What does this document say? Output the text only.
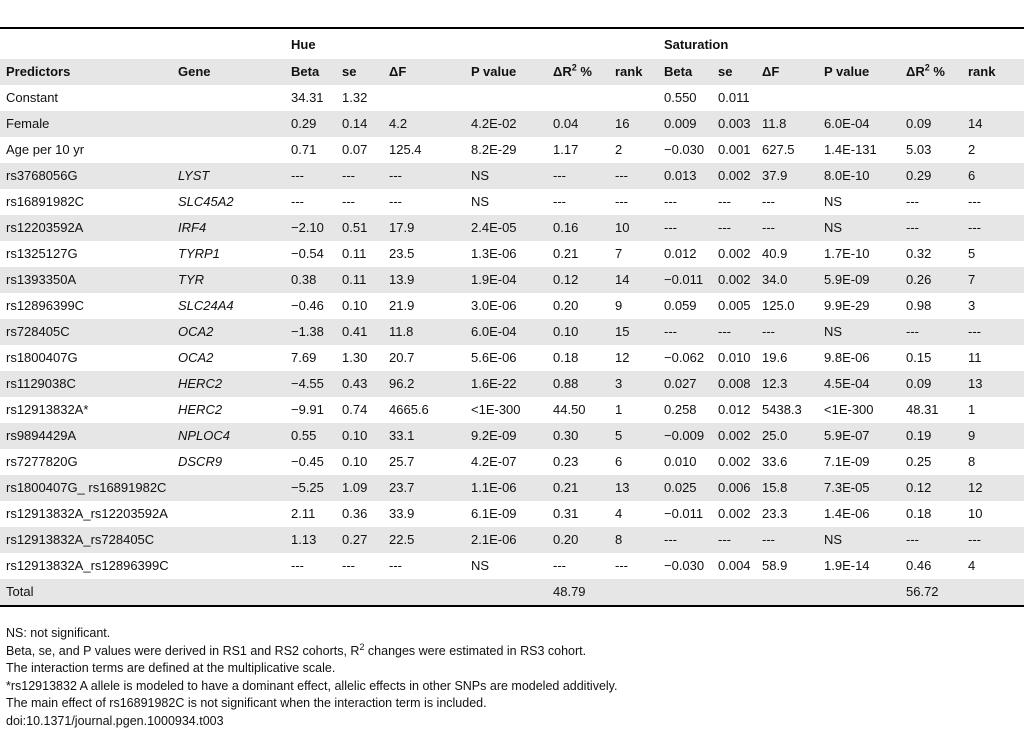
		Hue						Saturation					
Predictors	Gene	Beta	se	ΔF	P value	$\Delta R^2$ %	rank	Beta	se	ΔF	P value	$\Delta R^2$ %	rank
Constant		34.31	1.32					0.550	0.011				
Female		0.29	0.14	4.2	4.2E-02	0.04	16	0.009	0.003	11.8	6.0E-04	0.09	14
Age per 10 yr		0.71	0.07	125.4	8.2E-29	1.17	2	−0.030	0.001	627.5	1.4E-131	5.03	2
rs3768056G	LYST	---	---	---	NS	---	---	0.013	0.002	37.9	8.0E-10	0.29	6
rs16891982C	SLC45A2	---	---	---	NS	---	---	---	---	---	NS	---	---
rs12203592A	IRF4	−2.10	0.51	17.9	2.4E-05	0.16	10	---	---	---	NS	---	---
rs1325127G	TYRP1	−0.54	0.11	23.5	1.3E-06	0.21	7	0.012	0.002	40.9	1.7E-10	0.32	5
rs1393350A	TYR	0.38	0.11	13.9	1.9E-04	0.12	14	−0.011	0.002	34.0	5.9E-09	0.26	7
rs12896399C	SLC24A4	−0.46	0.10	21.9	3.0E-06	0.20	9	0.059	0.005	125.0	9.9E-29	0.98	3
rs728405C	OCA2	−1.38	0.41	11.8	6.0E-04	0.10	15	---	---	---	NS	---	---
rs1800407G	OCA2	7.69	1.30	20.7	5.6E-06	0.18	12	−0.062	0.010	19.6	9.8E-06	0.15	11
rs1129038C	HERC2	−4.55	0.43	96.2	1.6E-22	0.88	3	0.027	0.008	12.3	4.5E-04	0.09	13
rs12913832A*	HERC2	−9.91	0.74	4665.6	<1E-300	44.50	1	0.258	0.012	5438.3	<1E-300	48.31	1
rs9894429A	NPLOC4	0.55	0.10	33.1	9.2E-09	0.30	5	−0.009	0.002	25.0	5.9E-07	0.19	9
rs7277820G	DSCR9	−0.45	0.10	25.7	4.2E-07	0.23	6	0.010	0.002	33.6	7.1E-09	0.25	8
rs1800407G_ rs16891982C		−5.25	1.09	23.7	1.1E-06	0.21	13	0.025	0.006	15.8	7.3E-05	0.12	12
rs12913832A_rs12203592A		2.11	0.36	33.9	6.1E-09	0.31	4	−0.011	0.002	23.3	1.4E-06	0.18	10
rs12913832A_rs728405C		1.13	0.27	22.5	2.1E-06	0.20	8	---	---	---	NS	---	---
rs12913832A_rs12896399C		---	---	---	NS	---	---	−0.030	0.004	58.9	1.9E-14	0.46	4
Total						48.79						56.72	
NS: not significant.
Beta, se, and P values were derived in RS1 and RS2 cohorts, $R^2$ changes were estimated in RS3 cohort.
The interaction terms are defined at the multiplicative scale.
*rs12913832 A allele is modeled to have a dominant effect, allelic effects in other SNPs are modeled additively.
The main effect of rs16891982C is not significant when the interaction term is included.
doi:10.1371/journal.pgen.1000934.t003
